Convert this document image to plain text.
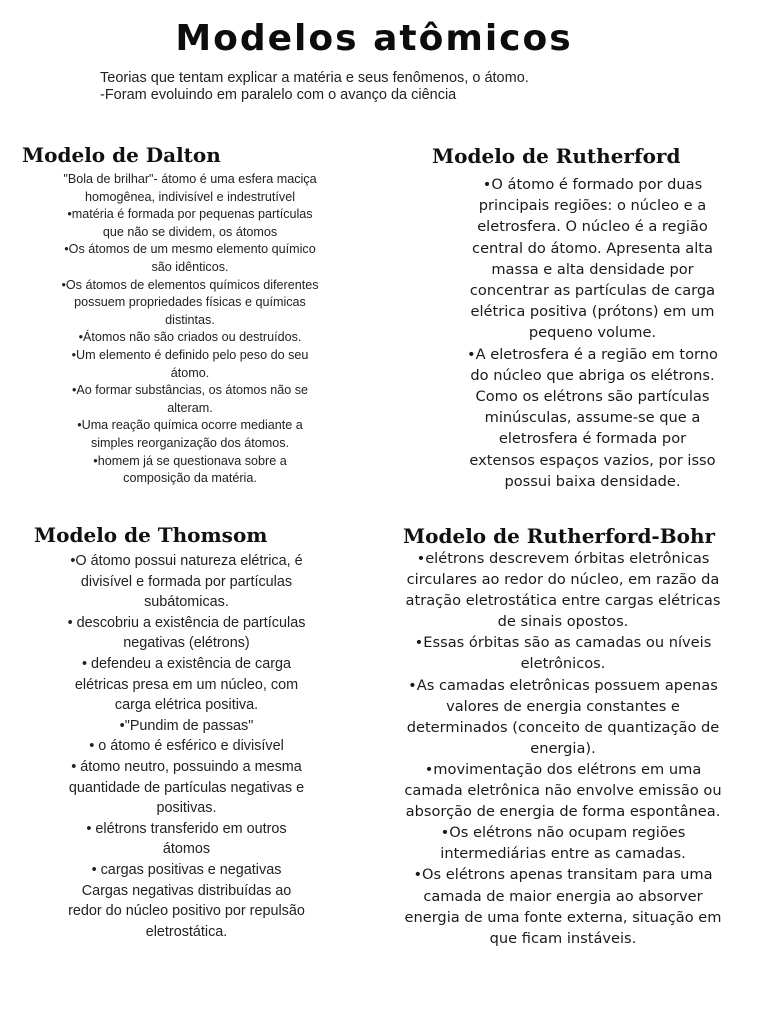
Modelos atômicos
Teorias que tentam explicar a matéria e seus fenômenos, o átomo.
-Foram evoluindo em paralelo com o avanço da ciência
Modelo de Dalton
"Bola de brilhar"- átomo é uma esfera maciça
homogênea, indivisível e indestrutível
•matéria é formada por pequenas partículas
que não se dividem, os átomos
•Os átomos de um mesmo elemento químico
são idênticos.
•Os átomos de elementos químicos diferentes
possuem propriedades físicas e químicas
distintas.
•Átomos não são criados ou destruídos.
•Um elemento é definido pelo peso do seu
átomo.
•Ao formar substâncias, os átomos não se
alteram.
•Uma reação química ocorre mediante a
simples reorganização dos átomos.
•homem já se questionava sobre a
composição da matéria.
Modelo de Rutherford
•O átomo é formado por duas
principais regiões: o núcleo e a
eletrosfera. O núcleo é a região
central do átomo. Apresenta alta
massa e alta densidade por
concentrar as partículas de carga
elétrica positiva (prótons) em um
pequeno volume.
•A eletrosfera é a região em torno
do núcleo que abriga os elétrons.
Como os elétrons são partículas
minúsculas, assume-se que a
eletrosfera é formada por
extensos espaços vazios, por isso
possui baixa densidade.
Modelo de Thomsom
•O átomo possui natureza elétrica, é
divisível e formada por partículas
subátomicas.
• descobriu a existência de partículas
negativas (elétrons)
• defendeu a existência de carga
elétricas presa em um núcleo, com
carga elétrica positiva.
•"Pundim de passas"
• o átomo é esférico e divisível
• átomo neutro, possuindo a mesma
quantidade de partículas negativas e
positivas.
• elétrons transferido em outros
átomos
• cargas positivas e negativas
Cargas negativas distribuídas ao
redor do núcleo positivo por repulsão
eletrostática.
Modelo de Rutherford-Bohr
•elétrons descrevem órbitas eletrônicas
circulares ao redor do núcleo, em razão da
atração eletrostática entre cargas elétricas
de sinais opostos.
•Essas órbitas são as camadas ou níveis
eletrônicos.
•As camadas eletrônicas possuem apenas
valores de energia constantes e
determinados (conceito de quantização de
energia).
•movimentação dos elétrons em uma
camada eletrônica não envolve emissão ou
absorção de energia de forma espontânea.
•Os elétrons não ocupam regiões
intermediárias entre as camadas.
•Os elétrons apenas transitam para uma
camada de maior energia ao absorver
energia de uma fonte externa, situação em
que ficam instáveis.
